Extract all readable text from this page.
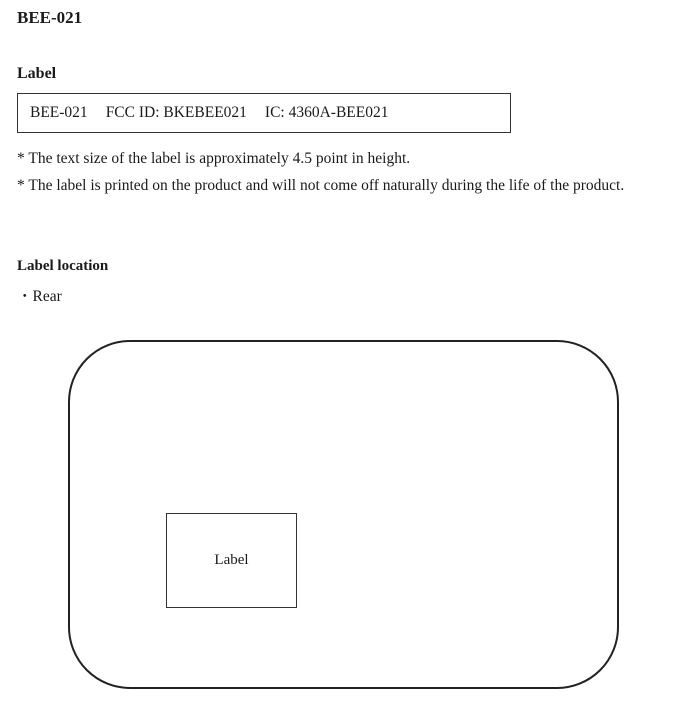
BEE-021
Label
BEE-021 FCC ID: BKEBEE021 IC: 4360A-BEE021
* The text size of the label is approximately 4.5 point in height.
* The label is printed on the product and will not come off naturally during the life of the product.
Label location
・Rear
Label
